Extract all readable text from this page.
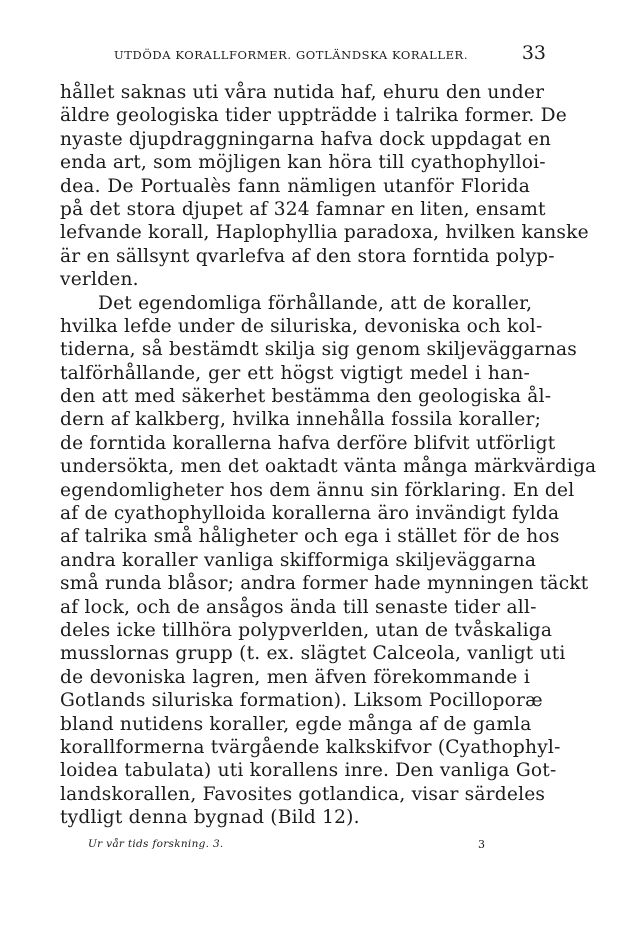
UTDÖDA KORALLFORMER. GOTLÄNDSKA KORALLER.	33
hållet saknas uti våra nutida haf, ehuru den under
äldre geologiska tider uppträdde i talrika former. De
nyaste djupdraggningarna hafva dock uppdagat en
enda art, som möjligen kan höra till cyathophylloi-
dea. De Portualès fann nämligen utanför Florida
på det stora djupet af 324 famnar en liten, ensamt
lefvande korall, Haplophyllia paradoxa, hvilken kanske
är en sällsynt qvarlefva af den stora forntida polyp-
verlden.
Det egendomliga förhållande, att de koraller,
hvilka lefde under de siluriska, devoniska och kol-
tiderna, så bestämdt skilja sig genom skiljeväggarnas
talförhållande, ger ett högst vigtigt medel i han-
den att med säkerhet bestämma den geologiska ål-
dern af kalkberg, hvilka innehålla fossila koraller;
de forntida korallerna hafva derföre blifvit utförligt
undersökta, men det oaktadt vänta många märkvärdiga
egendomligheter hos dem ännu sin förklaring. En del
af de cyathophylloida korallerna äro invändigt fylda
af talrika små håligheter och ega i stället för de hos
andra koraller vanliga skifformiga skiljeväggarna
små runda blåsor; andra former hade mynningen täckt
af lock, och de ansågos ända till senaste tider all-
deles icke tillhöra polypverlden, utan de tvåskaliga
musslornas grupp (t. ex. slägtet Calceola, vanligt uti
de devoniska lagren, men äfven förekommande i
Gotlands siluriska formation). Liksom Pocilloporæ
bland nutidens koraller, egde många af de gamla
korallformerna tvärgående kalkskifvor (Cyathophyl-
loidea tabulata) uti korallens inre. Den vanliga Got-
landskorallen, Favosites gotlandica, visar särdeles
tydligt denna bygnad (Bild 12).
Ur vår tids forskning. 3.	3
